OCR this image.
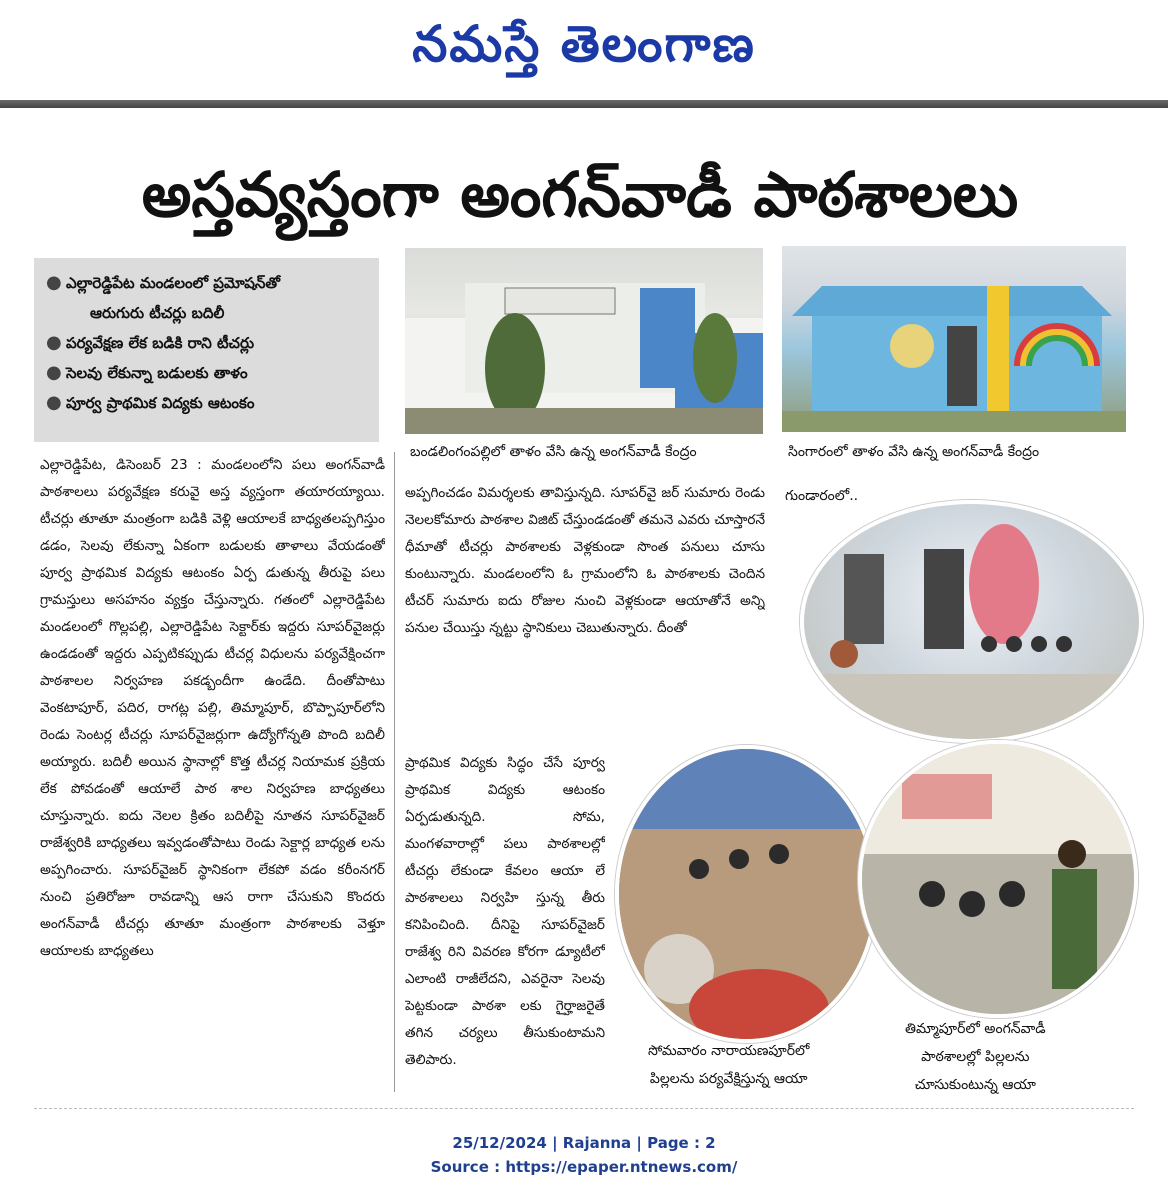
నమస్తే తెలంగాణ
అస్తవ్యస్తంగా అంగన్‌వాడీ పాఠశాలలు
● ఎల్లారెడ్డిపేట మండలంలో ప్రమోషన్‌తో
ఆరుగురు టీచర్లు బదిలీ
● పర్యవేక్షణ లేక బడికి రాని టీచర్లు
● సెలవు లేకున్నా బడులకు తాళం
● పూర్వ ప్రాథమిక విద్యకు ఆటంకం
బండలింగంపల్లిలో తాళం వేసి ఉన్న అంగన్‌వాడీ కేంద్రం	సింగారంలో తాళం వేసి ఉన్న అంగన్‌వాడీ కేంద్రం

ఎల్లారెడ్డిపేట, డిసెంబర్ 23 : మండలంలోని పలు అంగన్‌వాడీ పాఠశాలలు పర్యవేక్షణ కరువై అస్త వ్యస్తంగా తయారయ్యాయి. టీచర్లు తూతూ మంత్రంగా బడికి వెళ్లి ఆయాలకే బాధ్యతలప్పగిస్తుం డడం, సెలవు లేకున్నా ఏకంగా బడులకు తాళాలు వేయడంతో పూర్వ ప్రాథమిక విద్యకు ఆటంకం ఏర్ప డుతున్న తీరుపై పలు గ్రామస్తులు అసహనం వ్యక్తం చేస్తున్నారు. గతంలో ఎల్లారెడ్డిపేట మండలంలో గొల్లపల్లి, ఎల్లారెడ్డిపేట సెక్టార్‌కు ఇద్దరు సూపర్‌వైజర్లు ఉండడంతో ఇద్దరు ఎప్పటికప్పుడు టీచర్ల విధులను పర్యవేక్షించగా పాఠశాలల నిర్వహణ పకడ్బందీగా ఉండేది. దీంతోపాటు వెంకటాపూర్, పదిర, రాగట్ల పల్లి, తిమ్మాపూర్, బొప్పాపూర్‌లోని రెండు సెంటర్ల టీచర్లు సూపర్‌వైజర్లుగా ఉద్యోగోన్నతి పొంది బదిలీ అయ్యారు. బదిలీ అయిన స్థానాల్లో కొత్త టీచర్ల నియామక ప్రక్రియ లేక పోవడంతో ఆయాలే పాఠ శాల నిర్వహణ బాధ్యతలు చూస్తున్నారు. ఐదు నెలల క్రితం బదిలీపై నూతన సూపర్‌వైజర్ రాజేశ్వరికి బాధ్యతలు ఇవ్వడంతోపాటు రెండు సెక్టార్ల బాధ్యత లను అప్పగించారు. సూపర్‌వైజర్ స్థానికంగా లేకపో వడం కరీంనగర్ నుంచి ప్రతిరోజూ రావడాన్ని ఆస రాగా చేసుకుని కొందరు అంగన్‌వాడీ టీచర్లు తూతూ మంత్రంగా పాఠశాలకు వెళ్తూ ఆయాలకు బాధ్యతలు

అప్పగించడం విమర్శలకు తావిస్తున్నది. సూపర్‌వై జర్ సుమారు రెండు నెలలకోమారు పాఠశాల విజిట్ చేస్తుండడంతో తమనె ఎవరు చూస్తారనే ధీమాతో టీచర్లు పాఠశాలకు వెళ్లకుండా సొంత పనులు చూసు కుంటున్నారు. మండలంలోని ఓ గ్రామంలోని ఓ పాఠశాలకు చెందిన టీచర్ సుమారు ఐదు రోజుల నుంచి వెళ్లకుండా ఆయాతోనే అన్ని పనుల చేయిస్తు న్నట్టు స్థానికులు చెబుతున్నారు. దీంతో

ప్రాథమిక విద్యకు సిద్ధం చేసే పూర్వ ప్రాథమిక విద్యకు ఆటంకం ఏర్పడుతున్నది. సోమ, మంగళవారాల్లో పలు పాఠశాలల్లో టీచర్లు లేకుండా కేవలం ఆయా లే పాఠశాలలు నిర్వహి స్తున్న తీరు కనిపించింది. దీనిపై సూపర్‌వైజర్ రాజేశ్వ రిని వివరణ కోరగా డ్యూటీలో ఎలాంటి రాజీలేదని, ఎవరైనా సెలవు పెట్టకుండా పాఠశా లకు గైర్హాజరైతే తగిన చర్యలు తీసుకుంటామని తెలిపారు.

గుండారంలో..
సోమవారం నారాయణపూర్‌లో
పిల్లలను పర్యవేక్షిస్తున్న ఆయా
తిమ్మాపూర్‌లో అంగన్‌వాడీ
పాఠశాలల్లో పిల్లలను
చూసుకుంటున్న ఆయా
25/12/2024 | Rajanna | Page : 2
Source : https://epaper.ntnews.com/
